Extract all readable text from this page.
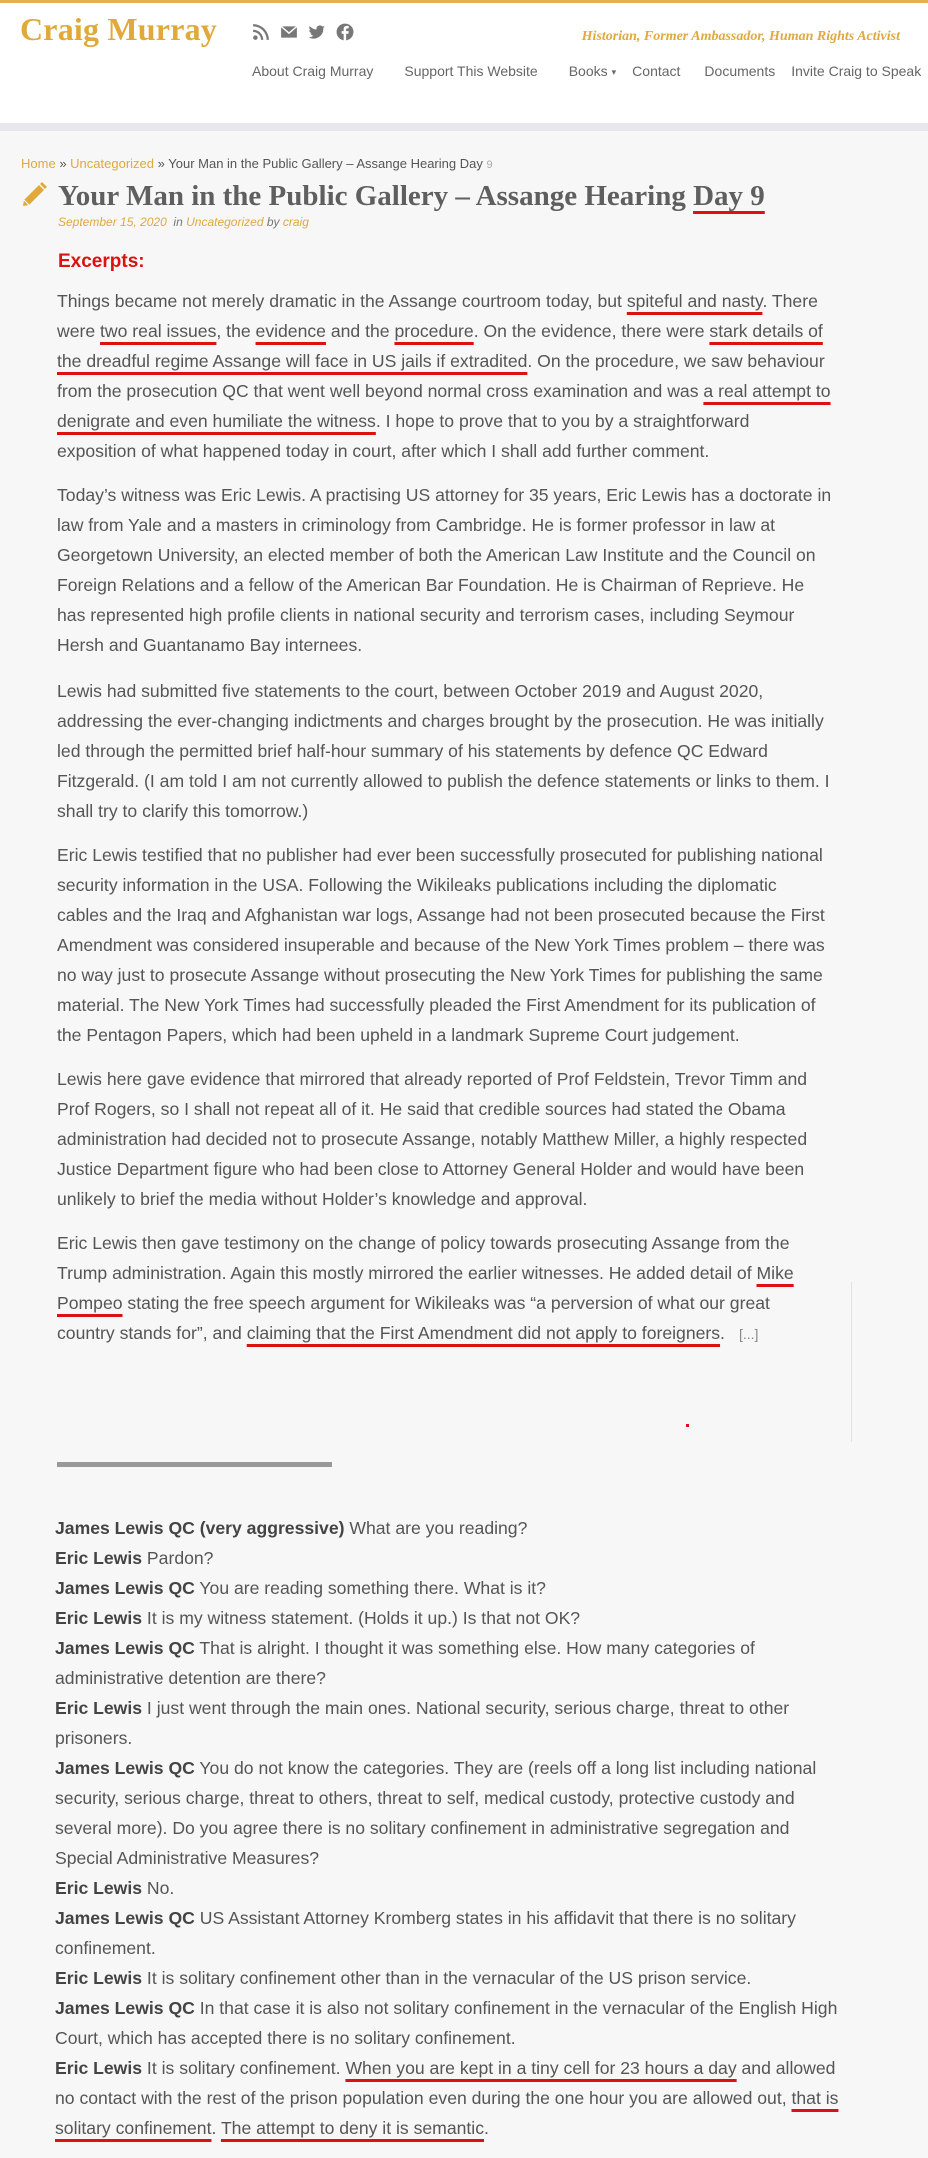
Craig Murray	Historian, Former Ambassador, Human Rights Activist
About Craig Murray Support This Website Books ▾ Contact Documents Invite Craig to Speak
Home » Uncategorized » Your Man in the Public Gallery – Assange Hearing Day 9
Your Man in the Public Gallery – Assange Hearing Day 9
September 15, 2020 in Uncategorized by craig
Excerpts:

Things became not merely dramatic in the Assange courtroom today, but spiteful and nasty. There were two real issues, the evidence and the procedure. On the evidence, there were stark details of the dreadful regime Assange will face in US jails if extradited. On the procedure, we saw behaviour from the prosecution QC that went well beyond normal cross examination and was a real attempt to denigrate and even humiliate the witness. I hope to prove that to you by a straightforward exposition of what happened today in court, after which I shall add further comment.

Today’s witness was Eric Lewis. A practising US attorney for 35 years, Eric Lewis has a doctorate in law from Yale and a masters in criminology from Cambridge. He is former professor in law at Georgetown University, an elected member of both the American Law Institute and the Council on Foreign Relations and a fellow of the American Bar Foundation. He is Chairman of Reprieve. He has represented high profile clients in national security and terrorism cases, including Seymour Hersh and Guantanamo Bay internees.

Lewis had submitted five statements to the court, between October 2019 and August 2020, addressing the ever-changing indictments and charges brought by the prosecution. He was initially led through the permitted brief half-hour summary of his statements by defence QC Edward Fitzgerald. (I am told I am not currently allowed to publish the defence statements or links to them. I shall try to clarify this tomorrow.)

Eric Lewis testified that no publisher had ever been successfully prosecuted for publishing national security information in the USA. Following the Wikileaks publications including the diplomatic cables and the Iraq and Afghanistan war logs, Assange had not been prosecuted because the First Amendment was considered insuperable and because of the New York Times problem – there was no way just to prosecute Assange without prosecuting the New York Times for publishing the same material. The New York Times had successfully pleaded the First Amendment for its publication of the Pentagon Papers, which had been upheld in a landmark Supreme Court judgement.

Lewis here gave evidence that mirrored that already reported of Prof Feldstein, Trevor Timm and Prof Rogers, so I shall not repeat all of it. He said that credible sources had stated the Obama administration had decided not to prosecute Assange, notably Matthew Miller, a highly respected Justice Department figure who had been close to Attorney General Holder and would have been unlikely to brief the media without Holder’s knowledge and approval.

Eric Lewis then gave testimony on the change of policy towards prosecuting Assange from the Trump administration. Again this mostly mirrored the earlier witnesses. He added detail of Mike Pompeo stating the free speech argument for Wikileaks was “a perversion of what our great country stands for”, and claiming that the First Amendment did not apply to foreigners. [...]

James Lewis QC (very aggressive) What are you reading?

Eric Lewis Pardon?

James Lewis QC You are reading something there. What is it?

Eric Lewis It is my witness statement. (Holds it up.) Is that not OK?

James Lewis QC That is alright. I thought it was something else. How many categories of administrative detention are there?

Eric Lewis I just went through the main ones. National security, serious charge, threat to other prisoners.

James Lewis QC You do not know the categories. They are (reels off a long list including national security, serious charge, threat to others, threat to self, medical custody, protective custody and several more). Do you agree there is no solitary confinement in administrative segregation and Special Administrative Measures?

Eric Lewis No.

James Lewis QC US Assistant Attorney Kromberg states in his affidavit that there is no solitary confinement.

Eric Lewis It is solitary confinement other than in the vernacular of the US prison service.

James Lewis QC In that case it is also not solitary confinement in the vernacular of the English High Court, which has accepted there is no solitary confinement.

Eric Lewis It is solitary confinement. When you are kept in a tiny cell for 23 hours a day and allowed no contact with the rest of the prison population even during the one hour you are allowed out, that is solitary confinement. The attempt to deny it is semantic.
